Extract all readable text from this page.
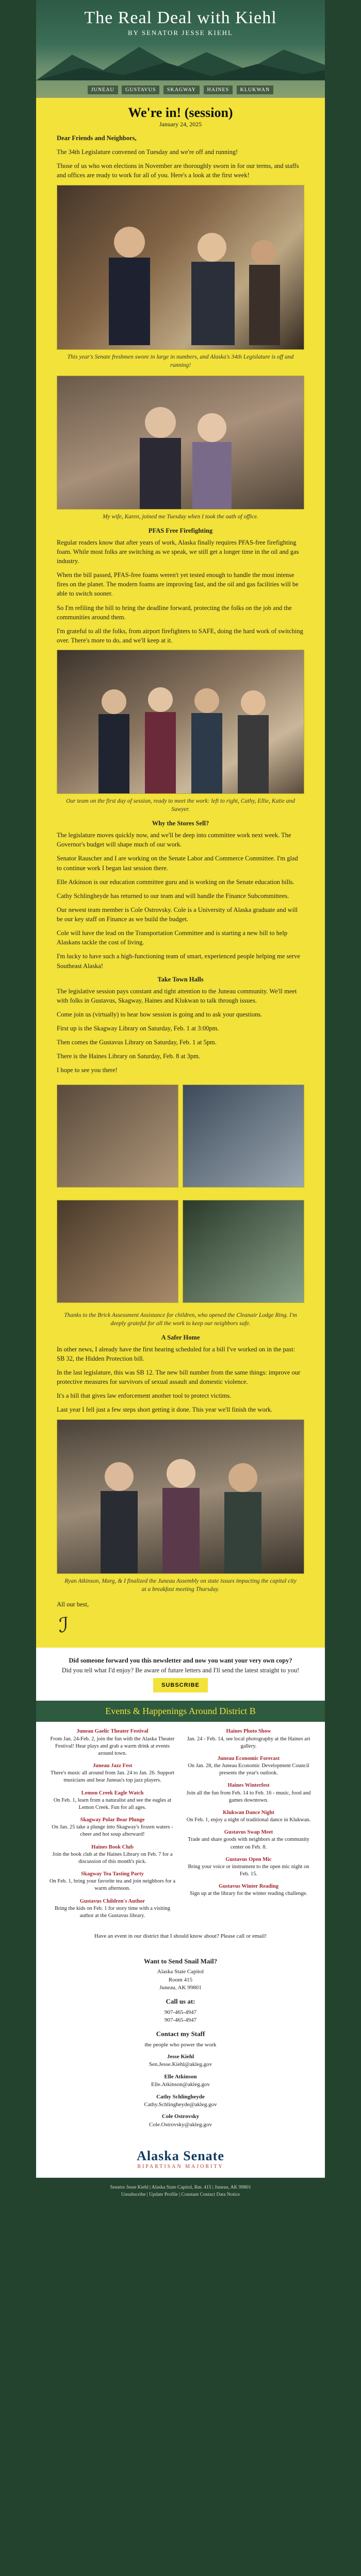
The Real Deal with Kiehl
BY SENATOR JESSE KIEHL
JUNEAU GUSTAVUS SKAGWAY HAINES KLUKWAN
We're in! (session)
January 24, 2025

Dear Friends and Neighbors,

The 34th Legislature convened on Tuesday and we're off and running!

Those of us who won elections in November are thoroughly sworn in for our terms, and staffs and offices are ready to work for all of you. Here's a look at the first week!

This year's Senate freshmen swore in large in numbers, and Alaska's 34th Legislature is off and running!
My wife, Karen, joined me Tuesday when I took the oath of office.
PFAS Free Firefighting

Regular readers know that after years of work, Alaska finally requires PFAS-free firefighting foam. While most folks are switching as we speak, we still get a longer time in the oil and gas industry.

When the bill passed, PFAS-free foams weren't yet tested enough to handle the most intense fires on the planet. The modern foams are improving fast, and the oil and gas facilities will be able to switch sooner.

So I'm refiling the bill to bring the deadline forward, protecting the folks on the job and the communities around them.

I'm grateful to all the folks, from airport firefighters to SAFE, doing the hard work of switching over. There's more to do, and we'll keep at it.

Our team on the first day of session, ready to meet the work: left to right, Cathy, Ellie, Katie and Sawyer.
Why the Stores Sell?

The legislature moves quickly now, and we'll be deep into committee work next week. The Governor's budget will shape much of our work.

Senator Rauscher and I are working on the Senate Labor and Commerce Committee. I'm glad to continue work I began last session there.

Elle Atkinson is our education committee guru and is working on the Senate education bills.

Cathy Schlingheyde has returned to our team and will handle the Finance Subcommittees.

Our newest team member is Cole Ostrovsky. Cole is a University of Alaska graduate and will be our key staff on Finance as we build the budget.

Cole will have the lead on the Transportation Committee and is starting a new bill to help Alaskans tackle the cost of living.

I'm lucky to have such a high-functioning team of smart, experienced people helping me serve Southeast Alaska!

Take Town Halls

The legislative session pays constant and tight attention to the Juneau community. We'll meet with folks in Gustavus, Skagway, Haines and Klukwan to talk through issues.

Come join us (virtually) to hear how session is going and to ask your questions.

First up is the Skagway Library on Saturday, Feb. 1 at 3:00pm.

Then comes the Gustavus Library on Saturday, Feb. 1 at 5pm.

There is the Haines Library on Saturday, Feb. 8 at 3pm.

I hope to see you there!

Thanks to the Brick Assessment Assistance for children, who opened the Cleanair Lodge Ring. I'm deeply grateful for all the work to keep our neighbors safe.
A Safer Home

In other news, I already have the first hearing scheduled for a bill I've worked on in the past: SB 32, the Hidden Protection bill.

In the last legislature, this was SB 12. The new bill number from the same things: improve our protective measures for survivors of sexual assault and domestic violence.

It's a bill that gives law enforcement another tool to protect victims.

Last year I fell just a few steps short getting it done. This year we'll finish the work.

Ryan Atkinson, Marg, & I finalized the Juneau Assembly on state issues impacting the capital city at a breakfast meeting Thursday.

All our best,

ℐ
Did someone forward you this newsletter and now you want your very own copy?
Did you tell what I'd enjoy? Be aware of future letters and I'll send the latest straight to you!
SUBSCRIBE
Events & Happenings Around District B
Juneau Gaelic Theater Festival
From Jan. 24-Feb. 2, join the fun with the Alaska Theater Festival! Hear plays and grab a warm drink at events around town.
Juneau Jazz Fest
There's music all around from Jan. 24 to Jan. 26. Support musicians and hear Juneau's top jazz players.
Lemon Creek Eagle Watch
On Feb. 1, learn from a naturalist and see the eagles at Lemon Creek. Fun for all ages.
Skagway Polar Bear Plunge
On Jan. 25 take a plunge into Skagway's frozen waters - cheer and hot soup afterward!
Haines Book Club
Join the book club at the Haines Library on Feb. 7 for a discussion of this month's pick.
Skagway Tea Tasting Party
On Feb. 1, bring your favorite tea and join neighbors for a warm afternoon.
Gustavus Children's Author
Bring the kids on Feb. 1 for story time with a visiting author at the Gustavus library.
Haines Photo Show
Jan. 24 - Feb. 14, see local photography at the Haines art gallery.
Juneau Economic Forecast
On Jan. 28, the Juneau Economic Development Council presents the year's outlook.
Haines Winterfest
Join all the fun from Feb. 14 to Feb. 16 - music, food and games downtown.
Klukwan Dance Night
On Feb. 1, enjoy a night of traditional dance in Klukwan.
Gustavus Swap Meet
Trade and share goods with neighbors at the community center on Feb. 8.
Gustavus Open Mic
Bring your voice or instrument to the open mic night on Feb. 15.
Gustavus Winter Reading
Sign up at the library for the winter reading challenge.
Have an event in our district that I should know about? Please call or email!
Want to Send Snail Mail?
Alaska State Capitol
Room 415
Juneau, AK 99801
Call us at:
907-465-4947
907-465-4947
Contact my Staff
the people who power the work
Jesse Kiehl
Sen.Jesse.Kiehl@akleg.gov
Elle Atkinson
Elle.Atkinson@akleg.gov
Cathy Schlingheyde
Cathy.Schlingheyde@akleg.gov
Cole Ostrovsky
Cole.Ostrovsky@akleg.gov
Alaska Senate
BIPARTISAN MAJORITY
Senator Jesse Kiehl | Alaska State Capitol, Rm. 415 | Juneau, AK 99801
Unsubscribe | Update Profile | Constant Contact Data Notice
